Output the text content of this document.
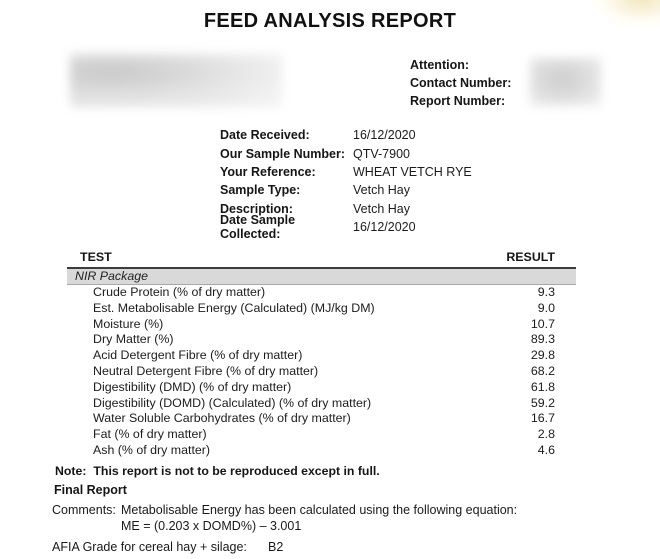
FEED ANALYSIS REPORT
Attention:
Contact Number:
Report Number:
Date Received:	16/12/2020
Our Sample Number: QTV-7900
Your Reference:	WHEAT VETCH RYE
Sample Type:	Vetch Hay
Description:	Vetch Hay
Date Sample Collected:
16/12/2020
TEST	RESULT
NIR Package
Crude Protein (% of dry matter)	9.3
Est. Metabolisable Energy (Calculated) (MJ/kg DM)	9.0
Moisture (%)	10.7
Dry Matter (%)	89.3
Acid Detergent Fibre (% of dry matter)	29.8
Neutral Detergent Fibre (% of dry matter)	68.2
Digestibility (DMD) (% of dry matter)	61.8
Digestibility (DOMD) (Calculated) (% of dry matter)	59.2
Water Soluble Carbohydrates (% of dry matter)	16.7
Fat (% of dry matter)	2.8
Ash (% of dry matter)	4.6
Note: This report is not to be reproduced except in full.
Final Report
Comments: Metabolisable Energy has been calculated using the following equation:
ME = (0.203 x DOMD%) – 3.001
AFIA Grade for cereal hay + silage: B2
